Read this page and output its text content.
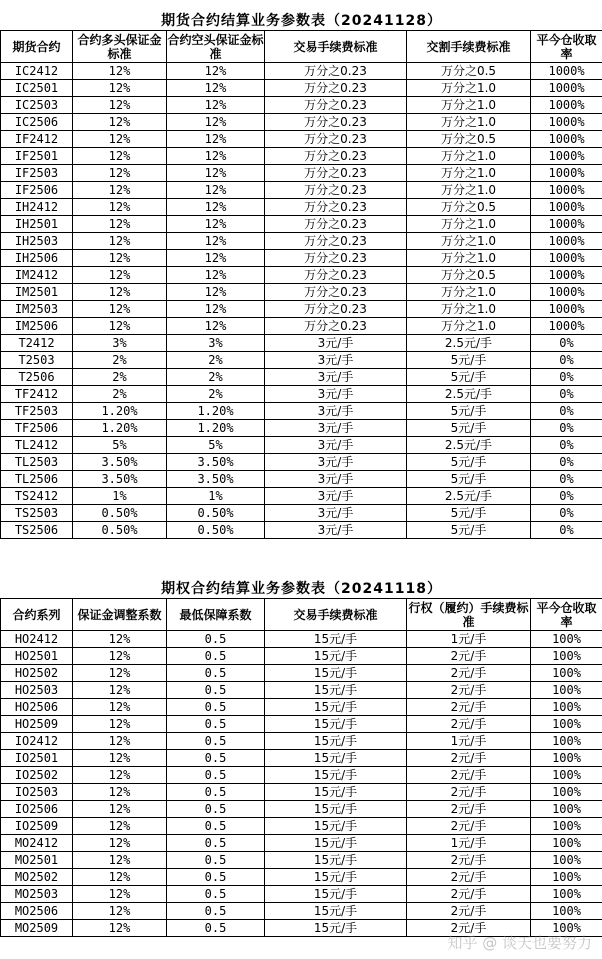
期货合约结算业务参数表（20241128）					
期货合约	合约多头保证金标准	合约空头保证金标准	交易手续费标准	交割手续费标准	平今仓收取率
IC2412	12%	12%	万分之0.23	万分之0.5	1000%
IC2501	12%	12%	万分之0.23	万分之1.0	1000%
IC2503	12%	12%	万分之0.23	万分之1.0	1000%
IC2506	12%	12%	万分之0.23	万分之1.0	1000%
IF2412	12%	12%	万分之0.23	万分之0.5	1000%
IF2501	12%	12%	万分之0.23	万分之1.0	1000%
IF2503	12%	12%	万分之0.23	万分之1.0	1000%
IF2506	12%	12%	万分之0.23	万分之1.0	1000%
IH2412	12%	12%	万分之0.23	万分之0.5	1000%
IH2501	12%	12%	万分之0.23	万分之1.0	1000%
IH2503	12%	12%	万分之0.23	万分之1.0	1000%
IH2506	12%	12%	万分之0.23	万分之1.0	1000%
IM2412	12%	12%	万分之0.23	万分之0.5	1000%
IM2501	12%	12%	万分之0.23	万分之1.0	1000%
IM2503	12%	12%	万分之0.23	万分之1.0	1000%
IM2506	12%	12%	万分之0.23	万分之1.0	1000%
T2412	3%	3%	3元/手	2.5元/手	0%
T2503	2%	2%	3元/手	5元/手	0%
T2506	2%	2%	3元/手	5元/手	0%
TF2412	2%	2%	3元/手	2.5元/手	0%
TF2503	1.20%	1.20%	3元/手	5元/手	0%
TF2506	1.20%	1.20%	3元/手	5元/手	0%
TL2412	5%	5%	3元/手	2.5元/手	0%
TL2503	3.50%	3.50%	3元/手	5元/手	0%
TL2506	3.50%	3.50%	3元/手	5元/手	0%
TS2412	1%	1%	3元/手	2.5元/手	0%
TS2503	0.50%	0.50%	3元/手	5元/手	0%
TS2506	0.50%	0.50%	3元/手	5元/手	0%
期权合约结算业务参数表（20241118）					
合约系列	保证金调整系数	最低保障系数	交易手续费标准	行权（履约）手续费标准	平今仓收取率
HO2412	12%	0.5	15元/手	1元/手	100%
HO2501	12%	0.5	15元/手	2元/手	100%
HO2502	12%	0.5	15元/手	2元/手	100%
HO2503	12%	0.5	15元/手	2元/手	100%
HO2506	12%	0.5	15元/手	2元/手	100%
HO2509	12%	0.5	15元/手	2元/手	100%
IO2412	12%	0.5	15元/手	1元/手	100%
IO2501	12%	0.5	15元/手	2元/手	100%
IO2502	12%	0.5	15元/手	2元/手	100%
IO2503	12%	0.5	15元/手	2元/手	100%
IO2506	12%	0.5	15元/手	2元/手	100%
IO2509	12%	0.5	15元/手	2元/手	100%
MO2412	12%	0.5	15元/手	1元/手	100%
MO2501	12%	0.5	15元/手	2元/手	100%
MO2502	12%	0.5	15元/手	2元/手	100%
MO2503	12%	0.5	15元/手	2元/手	100%
MO2506	12%	0.5	15元/手	2元/手	100%
MO2509	12%	0.5	15元/手	2元/手	100%
知乎 @ 谈天也要努力
